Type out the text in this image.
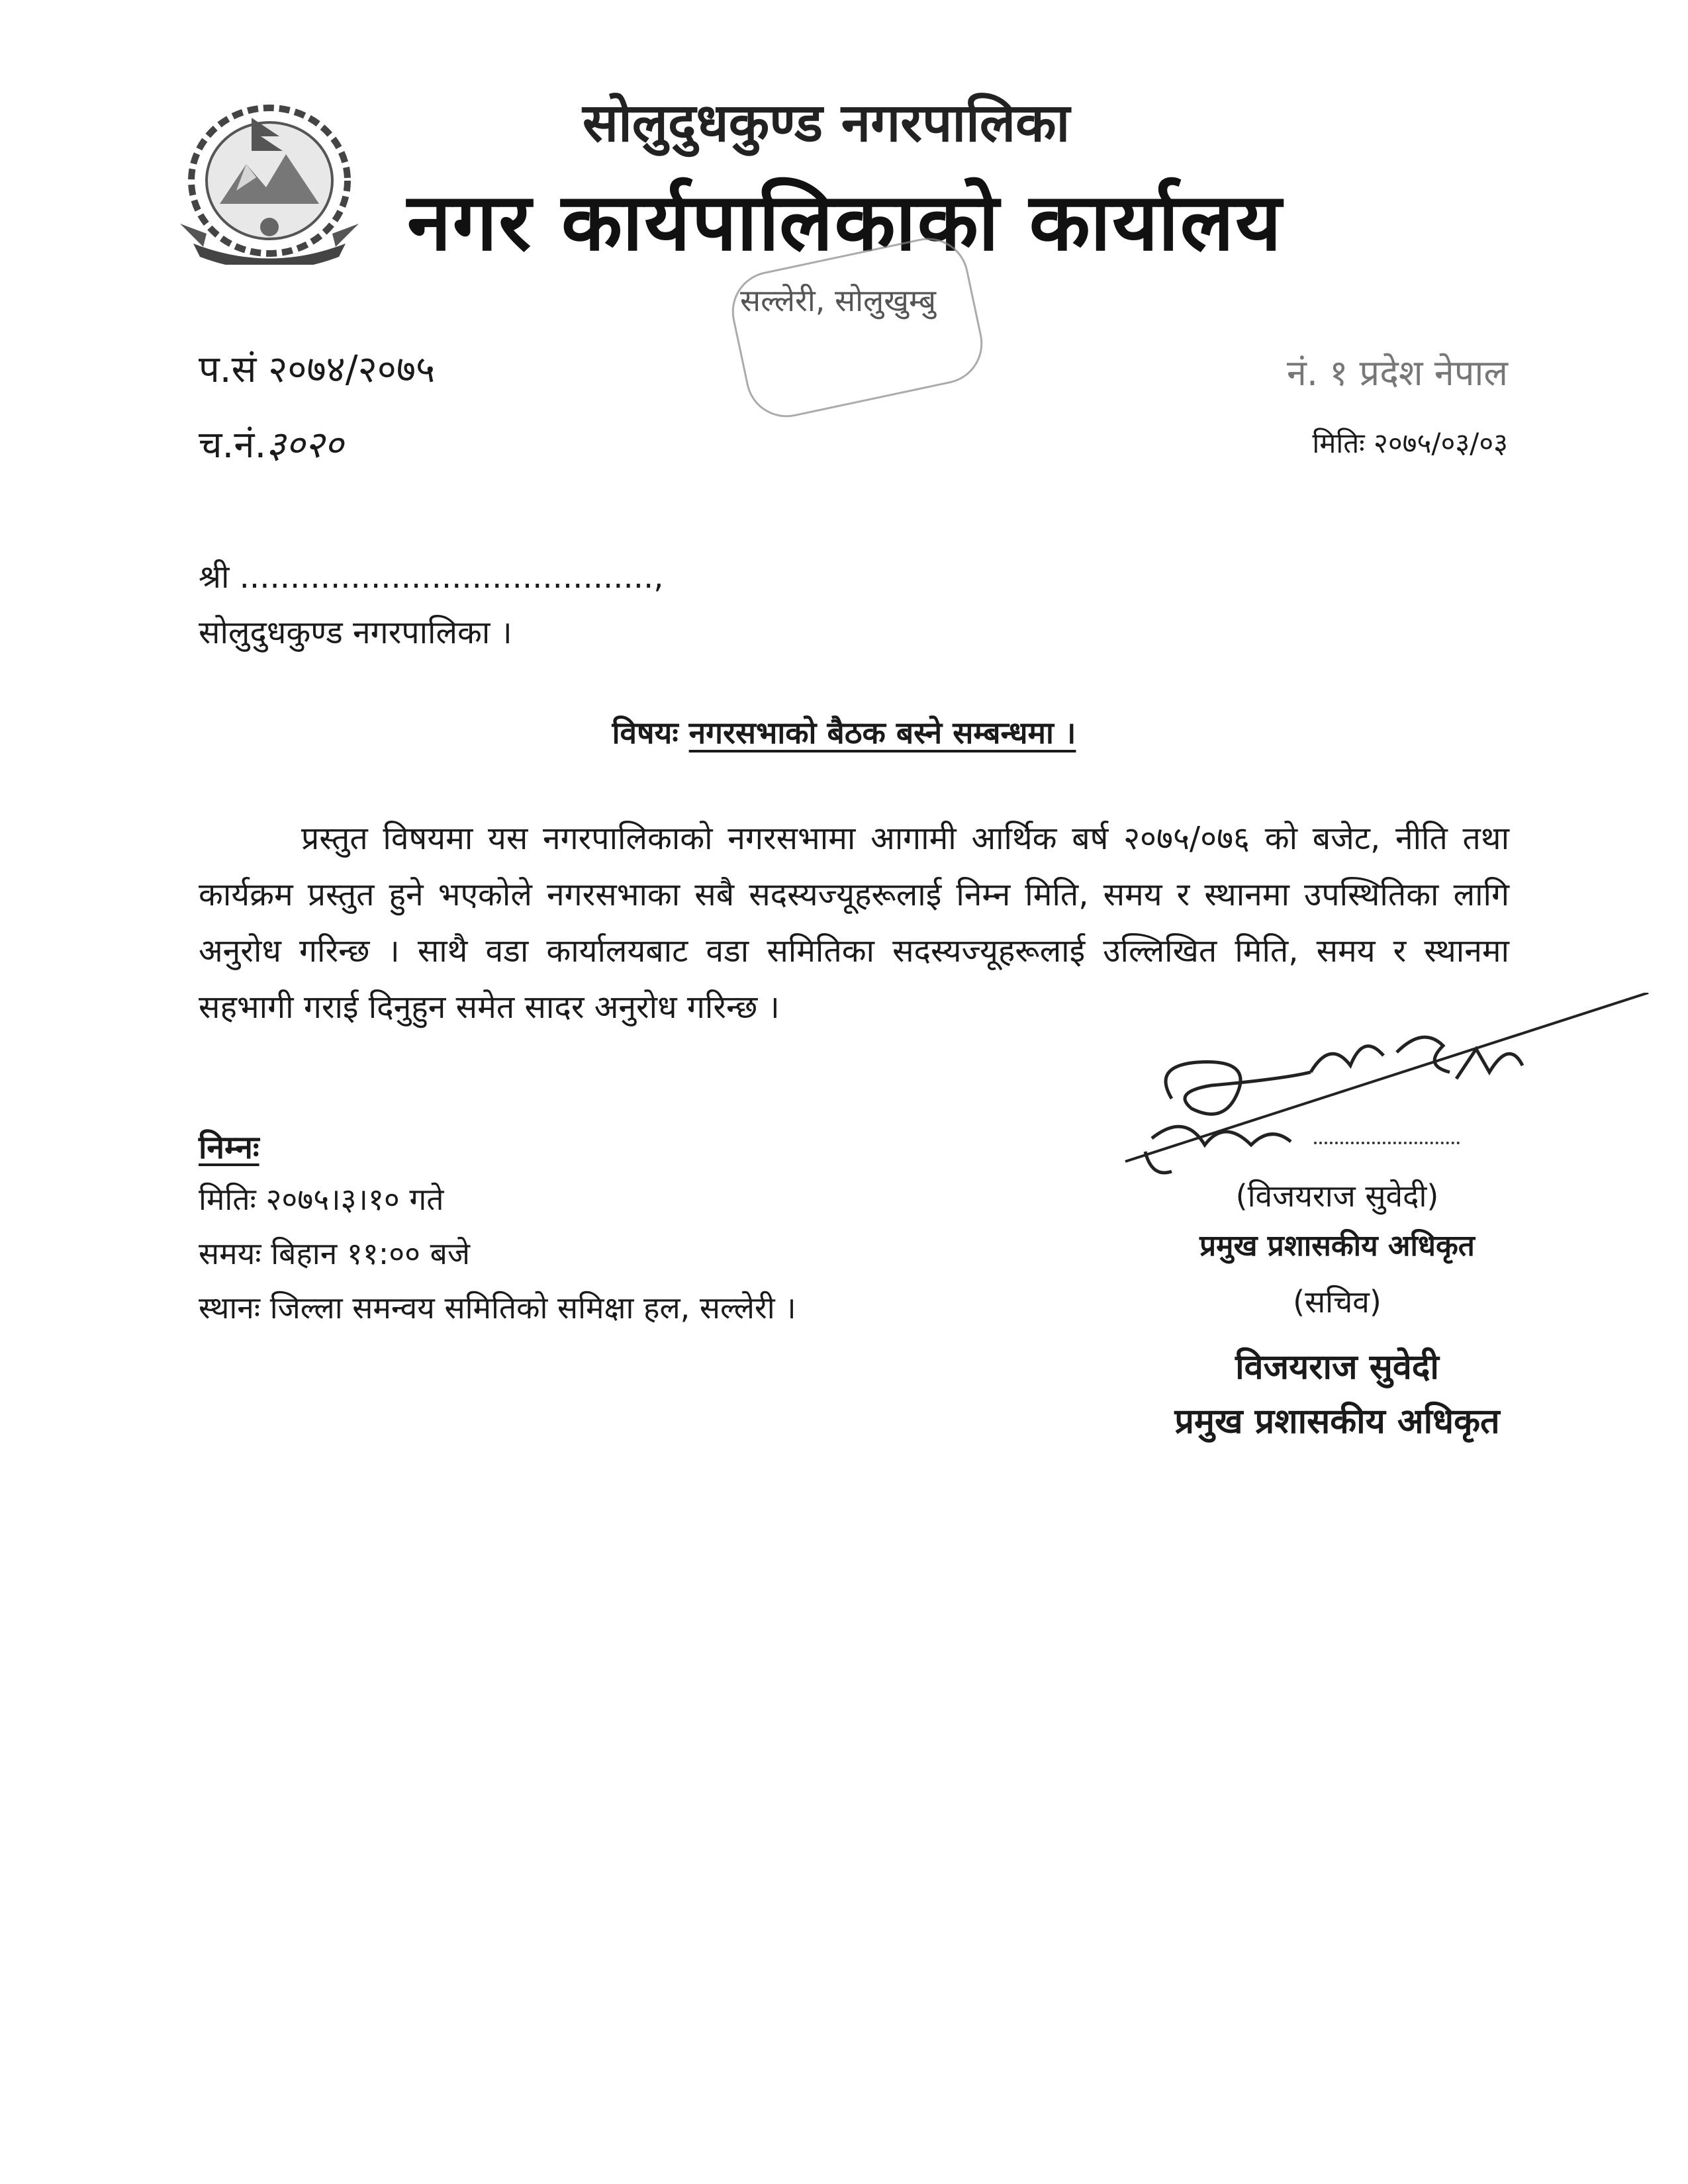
सोलुदुधकुण्ड नगरपालिका
नगर कार्यपालिकाको कार्यालय
सल्लेरी, सोलुखुम्बु
प.सं २०७४/२०७५
च.नं.३०२०
नं. १ प्रदेश नेपाल
मितिः २०७५/०३/०३
श्री .........................................,
सोलुदुधकुण्ड नगरपालिका ।
विषयः नगरसभाको बैठक बस्ने सम्बन्धमा ।
प्रस्तुत विषयमा यस नगरपालिकाको नगरसभामा आगामी आर्थिक बर्ष २०७५/०७६ को बजेट, नीति तथा कार्यक्रम प्रस्तुत हुने भएकोले नगरसभाका सबै सदस्यज्यूहरूलाई निम्न मिति, समय र स्थानमा उपस्थितिका लागि अनुरोध गरिन्छ । साथै वडा कार्यालयबाट वडा समितिका सदस्यज्यूहरूलाई उल्लिखित मिति, समय र स्थानमा सहभागी गराई दिनुहुन समेत सादर अनुरोध गरिन्छ ।
निम्नः
मितिः २०७५।३।१० गते
समयः बिहान ११:०० बजे
स्थानः जिल्ला समन्वय समितिको समिक्षा हल, सल्लेरी ।
(विजयराज सुवेदी)
प्रमुख प्रशासकीय अधिकृत
(सचिव)
विजयराज सुवेदी
प्रमुख प्रशासकीय अधिकृत
